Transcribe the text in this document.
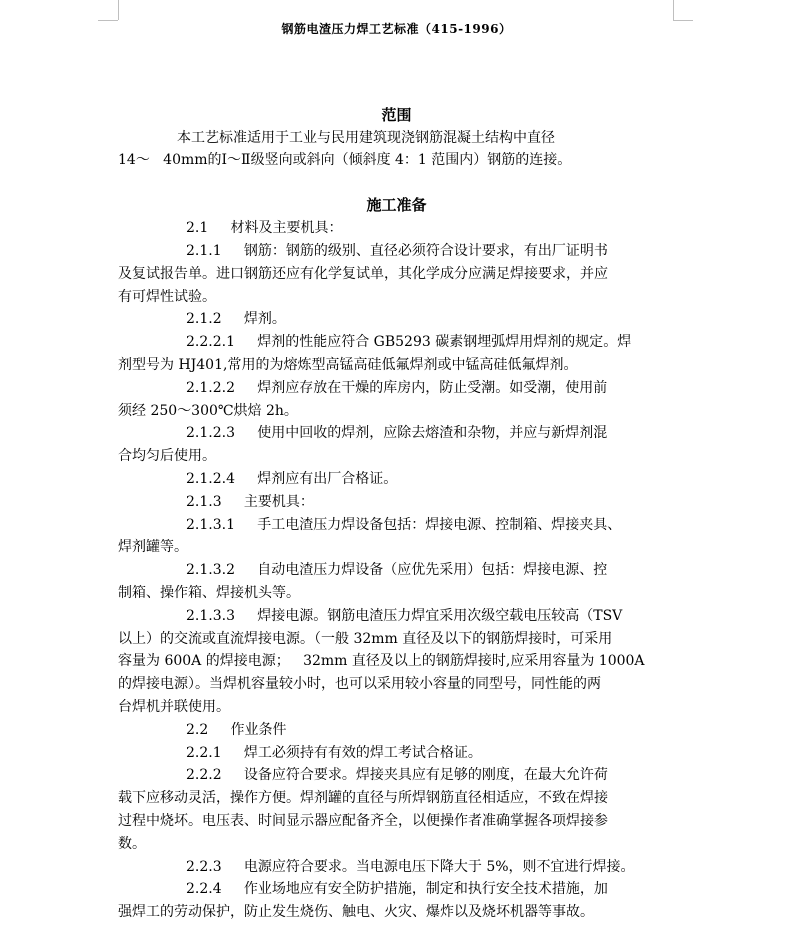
钢筋电渣压力焊工艺标准（415-1996）
范围
本工艺标准适用于工业与民用建筑现浇钢筋混凝土结构中直径
14～   40mm的Ⅰ～Ⅱ级竖向或斜向（倾斜度 4：1 范围内）钢筋的连接。
施工准备
2.1     材料及主要机具：
2.1.1     钢筋：钢筋的级别、直径必须符合设计要求，有出厂证明书
及复试报告单。进口钢筋还应有化学复试单，其化学成分应满足焊接要求，并应
有可焊性试验。
2.1.2     焊剂。
2.2.2.1     焊剂的性能应符合 GB5293 碳素钢埋弧焊用焊剂的规定。焊
剂型号为 HJ401,常用的为熔炼型高锰高硅低氟焊剂或中锰高硅低氟焊剂。
2.1.2.2     焊剂应存放在干燥的库房内，防止受潮。如受潮，使用前
须经 250～300℃烘焙 2h。
2.1.2.3     使用中回收的焊剂，应除去熔渣和杂物，并应与新焊剂混
合均匀后使用。
2.1.2.4     焊剂应有出厂合格证。
2.1.3     主要机具：
2.1.3.1     手工电渣压力焊设备包括：焊接电源、控制箱、焊接夹具、
焊剂罐等。
2.1.3.2     自动电渣压力焊设备（应优先采用）包括：焊接电源、控
制箱、操作箱、焊接机头等。
2.1.3.3     焊接电源。钢筋电渣压力焊宜采用次级空载电压较高（TSV
以上）的交流或直流焊接电源。（一般 32mm 直径及以下的钢筋焊接时，可采用
容量为 600A 的焊接电源；   32mm 直径及以上的钢筋焊接时,应采用容量为 1000A
的焊接电源）。当焊机容量较小时，也可以采用较小容量的同型号，同性能的两
台焊机并联使用。
2.2     作业条件
2.2.1     焊工必须持有有效的焊工考试合格证。
2.2.2     设备应符合要求。焊接夹具应有足够的刚度，在最大允许荷
载下应移动灵活，操作方便。焊剂罐的直径与所焊钢筋直径相适应，不致在焊接
过程中烧坏。电压表、时间显示器应配备齐全，以便操作者准确掌握各项焊接参
数。
2.2.3     电源应符合要求。当电源电压下降大于 5%，则不宜进行焊接。
2.2.4     作业场地应有安全防护措施，制定和执行安全技术措施，加
强焊工的劳动保护，防止发生烧伤、触电、火灾、爆炸以及烧坏机器等事故。
